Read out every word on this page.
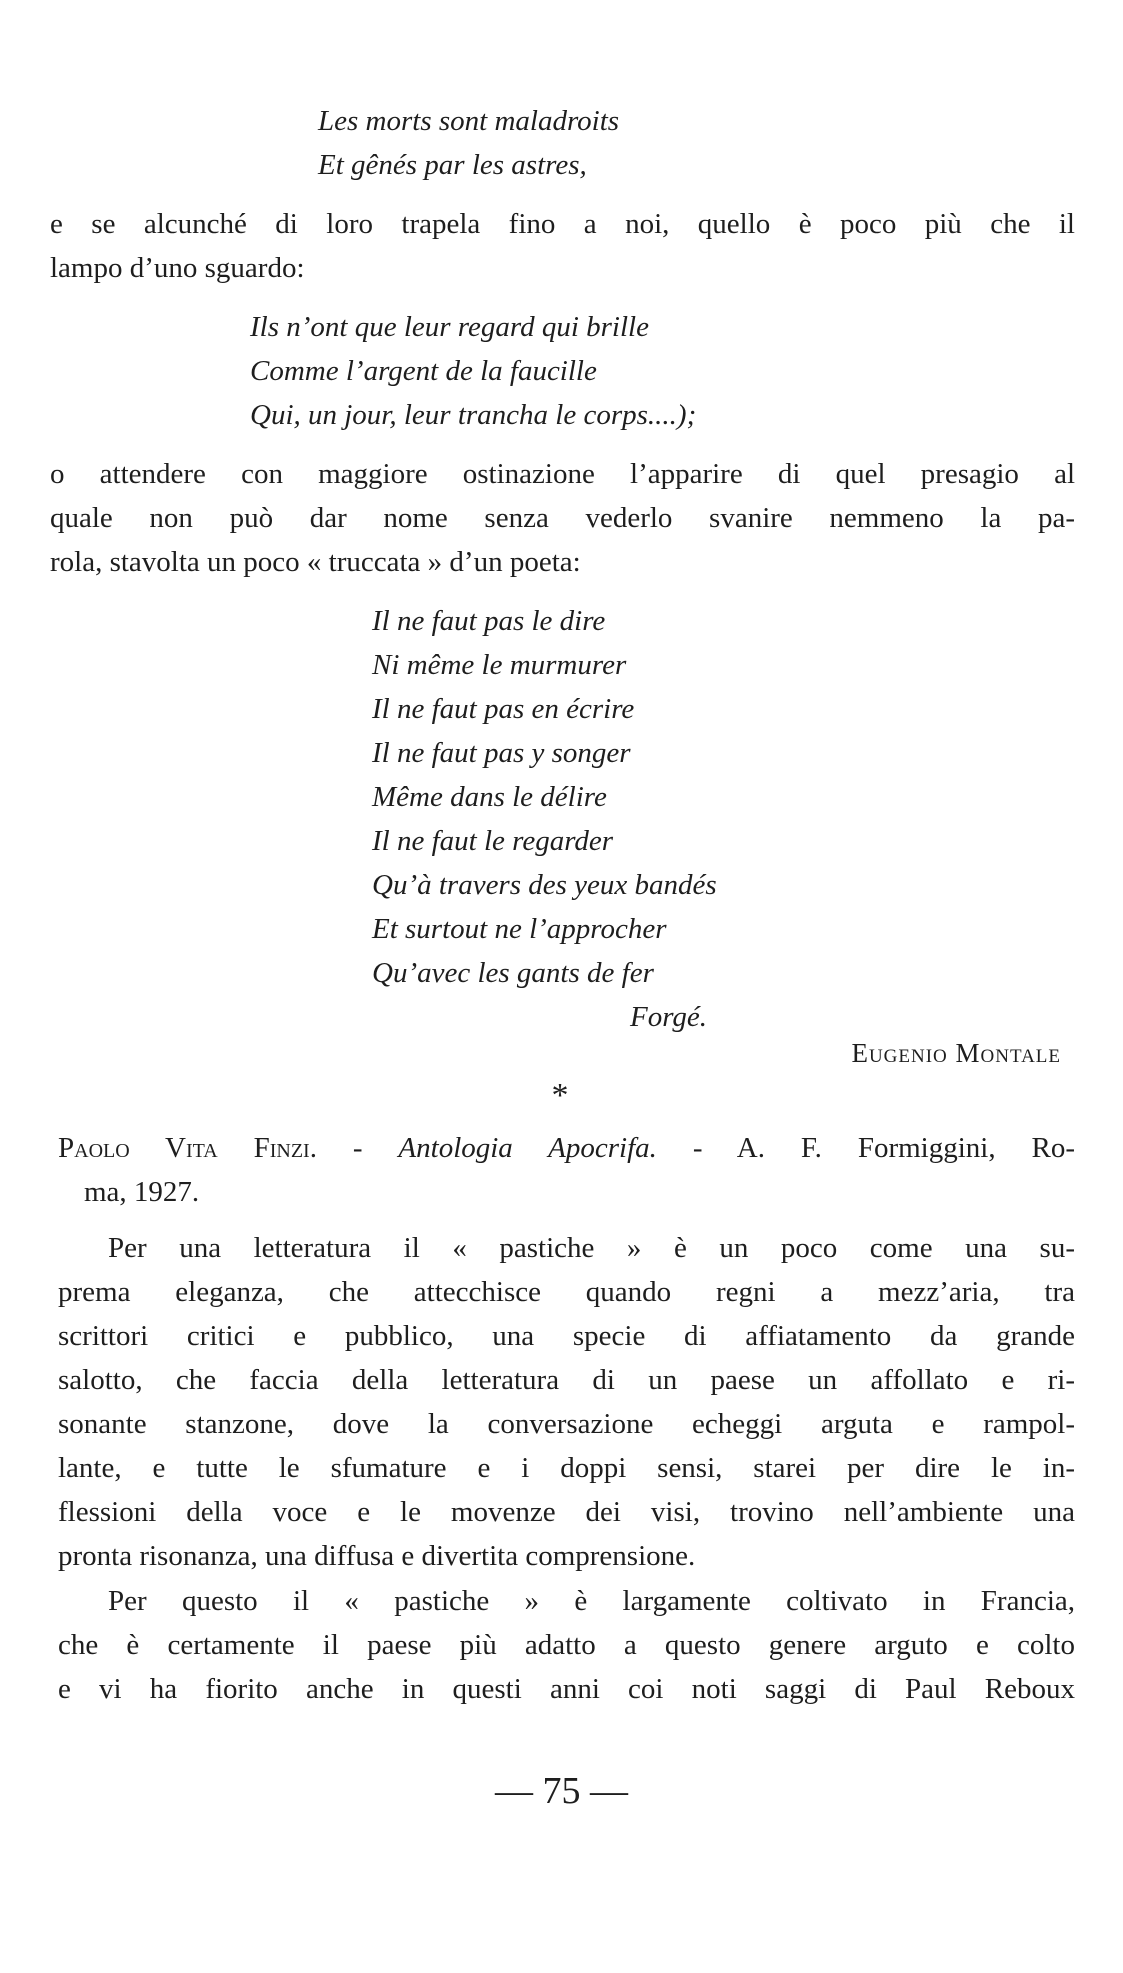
Les morts sont maladroits
Et gênés par les astres,
e se alcunché di loro trapela fino a noi, quello è poco più che il
lampo d’uno sguardo:
Ils n’ont que leur regard qui brille
Comme l’argent de la faucille
Qui, un jour, leur trancha le corps....);
o attendere con maggiore ostinazione l’apparire di quel presagio al
quale non può dar nome senza vederlo svanire nemmeno la pa-
rola, stavolta un poco « truccata » d’un poeta:
Il ne faut pas le dire
Ni même le murmurer
Il ne faut pas en écrire
Il ne faut pas y songer
Même dans le délire
Il ne faut le regarder
Qu’à travers des yeux bandés
Et surtout ne l’approcher
Qu’avec les gants de fer
Forgé.
Eugenio Montale
*
Paolo Vita Finzi. - Antologia Apocrifa. - A. F. Formiggini, Ro-
ma, 1927.
Per una letteratura il « pastiche » è un poco come una su-
prema eleganza, che attecchisce quando regni a mezz’aria, tra
scrittori critici e pubblico, una specie di affiatamento da grande
salotto, che faccia della letteratura di un paese un affollato e ri-
sonante stanzone, dove la conversazione echeggi arguta e rampol-
lante, e tutte le sfumature e i doppi sensi, starei per dire le in-
flessioni della voce e le movenze dei visi, trovino nell’ambiente una
pronta risonanza, una diffusa e divertita comprensione.
Per questo il « pastiche » è largamente coltivato in Francia,
che è certamente il paese più adatto a questo genere arguto e colto
e vi ha fiorito anche in questi anni coi noti saggi di Paul Reboux
— 75 —
